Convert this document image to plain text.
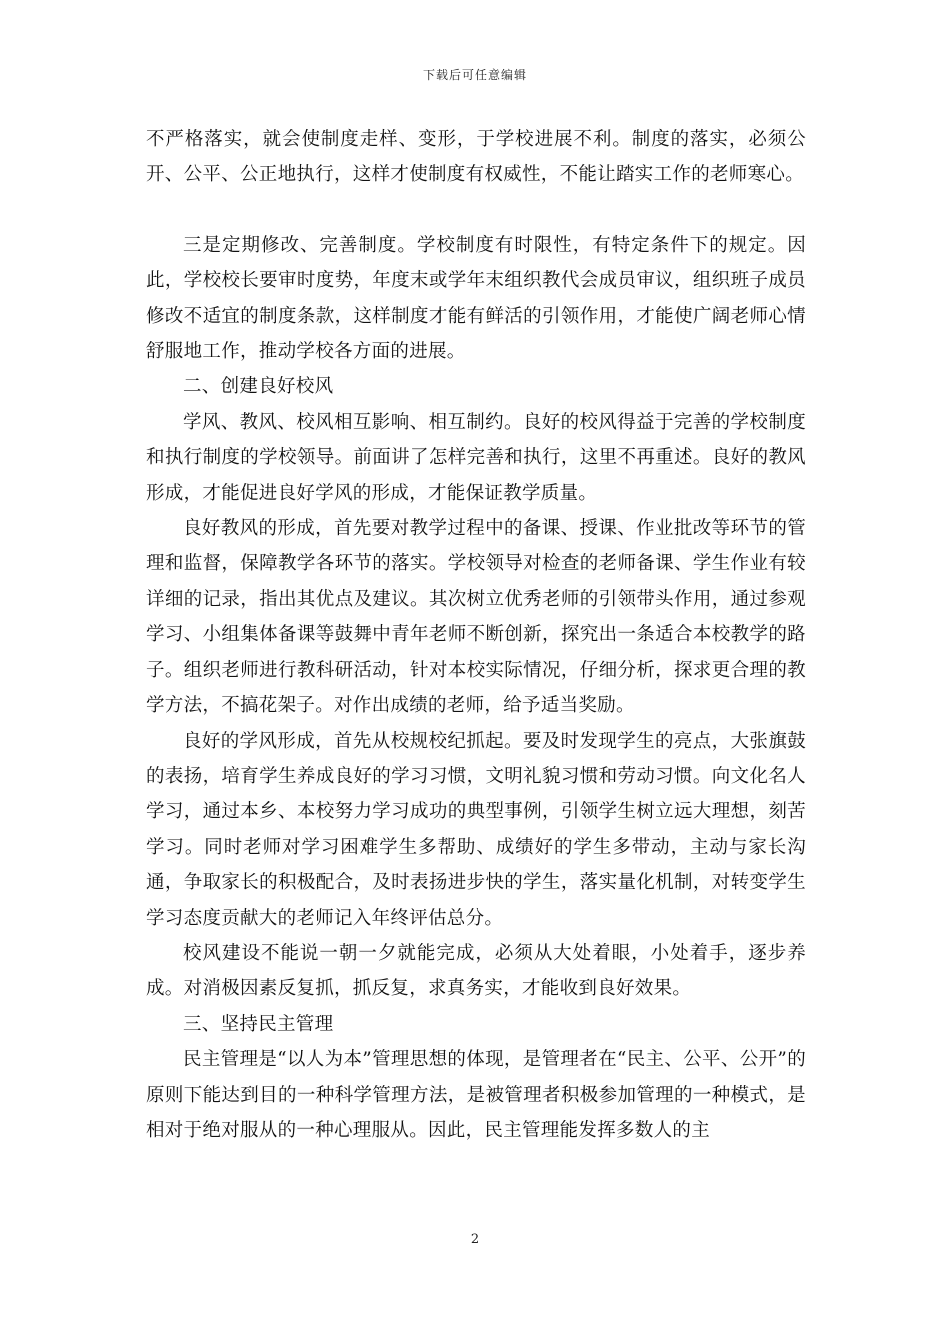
下载后可任意编辑

不严格落实，就会使制度走样、变形，于学校进展不利。制度的落实，必须公开、公平、公正地执行，这样才使制度有权威性，不能让踏实工作的老师寒心。

三是定期修改、完善制度。学校制度有时限性，有特定条件下的规定。因此，学校校长要审时度势，年度末或学年末组织教代会成员审议，组织班子成员修改不适宜的制度条款，这样制度才能有鲜活的引领作用，才能使广阔老师心情舒服地工作，推动学校各方面的进展。

二、创建良好校风

学风、教风、校风相互影响、相互制约。良好的校风得益于完善的学校制度和执行制度的学校领导。前面讲了怎样完善和执行，这里不再重述。良好的教风形成，才能促进良好学风的形成，才能保证教学质量。

良好教风的形成，首先要对教学过程中的备课、授课、作业批改等环节的管理和监督，保障教学各环节的落实。学校领导对检查的老师备课、学生作业有较详细的记录，指出其优点及建议。其次树立优秀老师的引领带头作用，通过参观学习、小组集体备课等鼓舞中青年老师不断创新，探究出一条适合本校教学的路子。组织老师进行教科研活动，针对本校实际情况，仔细分析，探求更合理的教学方法，不搞花架子。对作出成绩的老师，给予适当奖励。

良好的学风形成，首先从校规校纪抓起。要及时发现学生的亮点，大张旗鼓的表扬，培育学生养成良好的学习习惯，文明礼貌习惯和劳动习惯。向文化名人学习，通过本乡、本校努力学习成功的典型事例，引领学生树立远大理想，刻苦学习。同时老师对学习困难学生多帮助、成绩好的学生多带动，主动与家长沟通，争取家长的积极配合，及时表扬进步快的学生，落实量化机制，对转变学生学习态度贡献大的老师记入年终评估总分。

校风建设不能说一朝一夕就能完成，必须从大处着眼，小处着手，逐步养成。对消极因素反复抓，抓反复，求真务实，才能收到良好效果。

三、坚持民主管理

民主管理是“以人为本”管理思想的体现，是管理者在“民主、公平、公开”的原则下能达到目的一种科学管理方法，是被管理者积极参加管理的一种模式，是相对于绝对服从的一种心理服从。因此，民主管理能发挥多数人的主

2
